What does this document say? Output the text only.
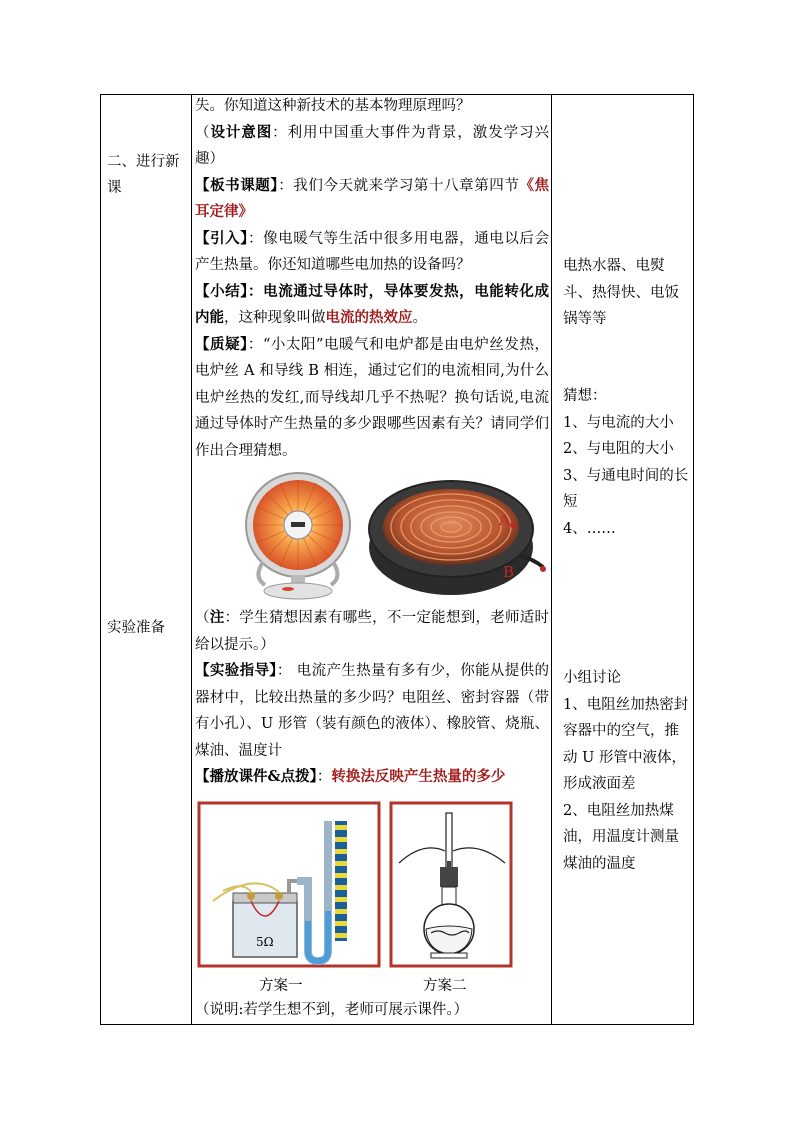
二、进行新课
实验准备

失。你知道这种新技术的基本物理原理吗？

（设计意图：利用中国重大事件为背景，激发学习兴趣）

【板书课题】：我们今天就来学习第十八章第四节《焦耳定律》

【引入】：像电暖气等生活中很多用电器，通电以后会产生热量。你还知道哪些电加热的设备吗？

【小结】：电流通过导体时，导体要发热，电能转化成内能，这种现象叫做电流的热效应。

【质疑】：“小太阳”电暖气和电炉都是由电炉丝发热，电炉丝 A 和导线 B 相连，通过它们的电流相同,为什么电炉丝热的发红,而导线却几乎不热呢？换句话说,电流通过导体时产生热量的多少跟哪些因素有关？请同学们作出合理猜想。

A
B

（注：学生猜想因素有哪些，不一定能想到，老师适时给以提示。）

【实验指导】： 电流产生热量有多有少，你能从提供的器材中，比较出热量的多少吗？电阻丝、密封容器（带有小孔）、U 形管（装有颜色的液体）、橡胶管、烧瓶、煤油、温度计

【播放课件&点拨】：转换法反映产生热量的多少

方案一	方案二
5Ω

（说明:若学生想不到，老师可展示课件。）

电热水器、电熨斗、热得快、电饭锅等等

猜想：

1、与电流的大小

2、与电阻的大小

3、与通电时间的长短

4、……

小组讨论

1、电阻丝加热密封容器中的空气，推动 U 形管中液体，形成液面差

2、电阻丝加热煤油，用温度计测量煤油的温度
